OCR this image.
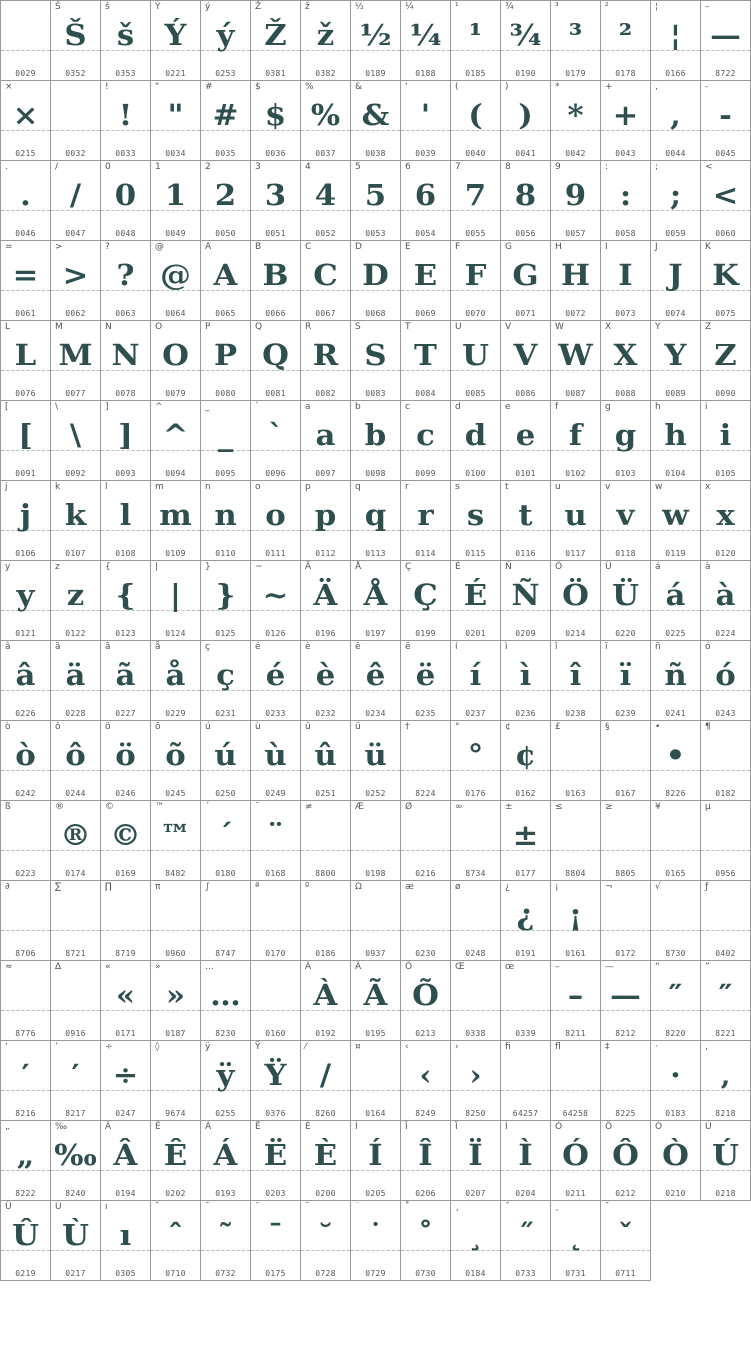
0029
Š
Š
0352
š
š
0353
Ý
Ý
0221
ý
ý
0253
Ž
Ž
0381
ž
ž
0382
½
½
0189
¼
¼
0188
¹
¹
0185
¾
¾
0190
³
³
0179
²
²
0178
¦
¦
0166
–
—
8722
×
×
0215	0032
!
!
0033
"
"
0034
#
#
0035
$
$
0036
%
%
0037
&
&
0038
'
'
0039
(
(
0040
)
)
0041
*
*
0042
+
+
0043
,
,
0044
-
-
0045
.
.
0046
/
/
0047
0
0
0048
1
1
0049
2
2
0050
3
3
0051
4
4
0052
5
5
0053
6
6
0054
7
7
0055
8
8
0056
9
9
0057
:
:
0058
;
;
0059
<
<
0060
=
=
0061
>
>
0062
?
?
0063
@
@
0064
A
A
0065
B
B
0066
C
C
0067
D
D
0068
E
E
0069
F
F
0070
G
G
0071
H
H
0072
I
I
0073
J
J
0074
K
K
0075
L
L
0076
M
M
0077
N
N
0078
O
O
0079
P
P
0080
Q
Q
0081
R
R
0082
S
S
0083
T
T
0084
U
U
0085
V
V
0086
W
W
0087
X
X
0088
Y
Y
0089
Z
Z
0090
[
[
0091
\
\
0092
]
]
0093
^
^
0094
_
_
0095
`
`
0096
a
a
0097
b
b
0098
c
c
0099
d
d
0100
e
e
0101
f
f
0102
g
g
0103
h
h
0104
i
i
0105
j
j
0106
k
k
0107
l
l
0108
m
m
0109
n
n
0110
o
o
0111
p
p
0112
q
q
0113
r
r
0114
s
s
0115
t
t
0116
u
u
0117
v
v
0118
w
w
0119
x
x
0120
y
y
0121
z
z
0122
{
{
0123
|
|
0124
}
}
0125
~
~
0126
Ä
Ä
0196
Å
Å
0197
Ç
Ç
0199
É
É
0201
Ñ
Ñ
0209
Ö
Ö
0214
Ü
Ü
0220
á
á
0225
à
à
0224
â
â
0226
ä
ä
0228
ã
ã
0227
å
å
0229
ç
ç
0231
é
é
0233
è
è
0232
ê
ê
0234
ë
ë
0235
í
í
0237
ì
ì
0236
î
î
0238
ï
ï
0239
ñ
ñ
0241
ó
ó
0243
ò
ò
0242
ô
ô
0244
ö
ö
0246
õ
õ
0245
ú
ú
0250
ù
ù
0249
û
û
0251
ü
ü
0252
†
8224
°
°
0176
¢
¢
0162
£
0163
§
0167
•
•
8226
¶
0182
ß
0223
®
®
0174
©
©
0169
™
™
8482
´
´
0180
¨
¨
0168
≠
8800
Æ
0198
Ø
0216
∞
8734
±
±
0177
≤
8804
≥
8805
¥
0165
µ
0956
∂
8706
∑
8721
∏
8719
π
0960
∫
8747
ª
0170
º
0186
Ω
0937
æ
0230
ø
0248
¿
¿
0191
¡
¡
0161
¬
0172
√
8730
ƒ
0402
≈
8776
∆
0916
«
«
0171
»
»
0187
…
…
8230	0160
À
À
0192
Ã
Ã
0195
Õ
Õ
0213
Œ
0338
œ
0339
–
–
8211
—
—
8212
“
″
8220
”
″
8221
‘
′
8216
’
′
8217
÷
÷
0247
◊
9674
ÿ
ÿ
0255
Ÿ
Ÿ
0376
⁄
/
8260
¤
0164
‹
‹
8249
›
›
8250
ﬁ
64257
ﬂ
64258
‡
8225
·
·
0183
‚
‚
8218
„
„
8222
‰
‰
8240
Â
Â
0194
Ê
Ê
0202
Á
Á
0193
Ë
Ë
0203
È
È
0200
Í
Í
0205
Î
Î
0206
Ï
Ï
0207
Ì
Ì
0204
Ó
Ó
0211
Ô
Ô
0212
Ò
Ò
0210
Ú
Ú
0218
Û
Û
0219
Ù
Ù
0217
ı
ı
0305
ˆ
ˆ
0710
˜
˜
0732
¯
¯
0175
˘
˘
0728
˙
˙
0729
˚
˚
0730
¸
¸
0184
˝
˝
0733
˛
˛
0731
ˇ
ˇ
0711
